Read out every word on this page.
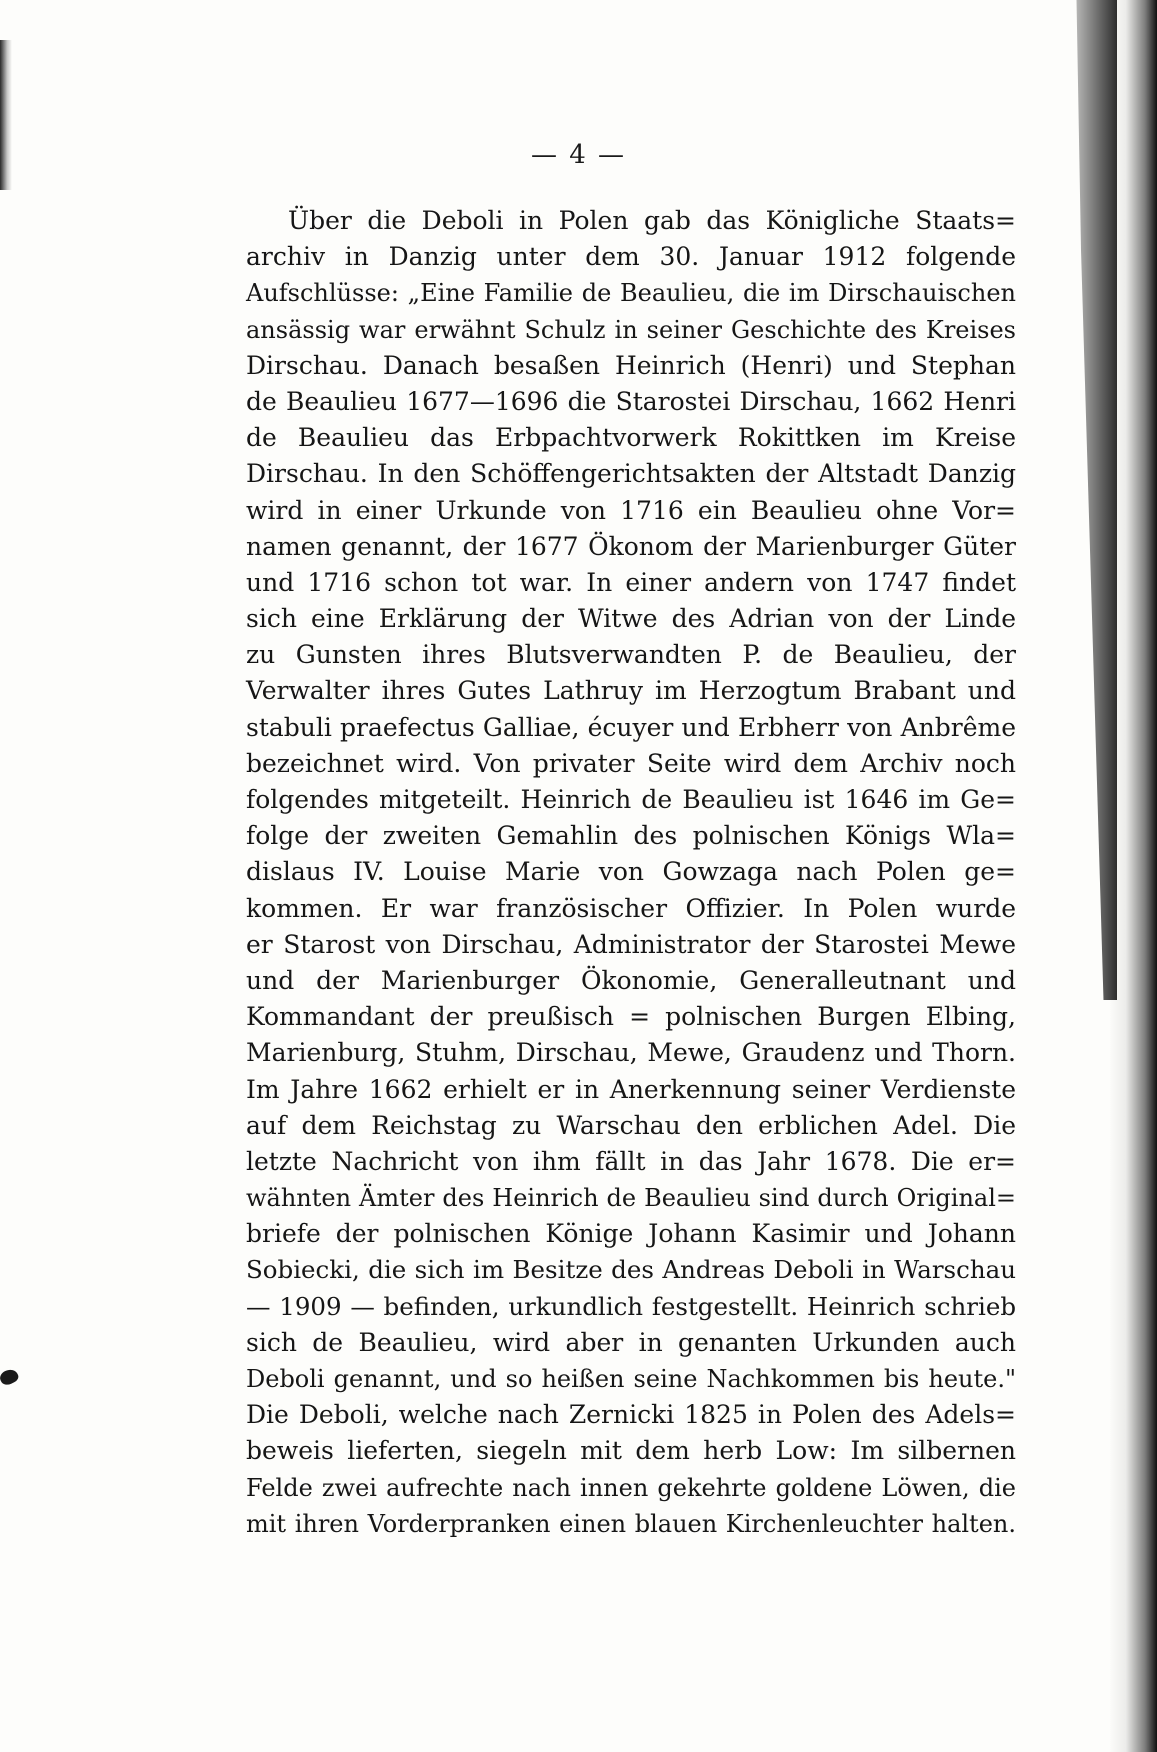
— 4 —
Über die Deboli in Polen gab das Königliche Staats=
archiv in Danzig unter dem 30. Januar 1912 folgende
Aufschlüsse: „Eine Familie de Beaulieu, die im Dirschauischen
ansässig war erwähnt Schulz in seiner Geschichte des Kreises
Dirschau. Danach besaßen Heinrich (Henri) und Stephan
de Beaulieu 1677—1696 die Starostei Dirschau, 1662 Henri
de Beaulieu das Erbpachtvorwerk Rokittken im Kreise
Dirschau. In den Schöffengerichtsakten der Altstadt Danzig
wird in einer Urkunde von 1716 ein Beaulieu ohne Vor=
namen genannt, der 1677 Ökonom der Marienburger Güter
und 1716 schon tot war. In einer andern von 1747 findet
sich eine Erklärung der Witwe des Adrian von der Linde
zu Gunsten ihres Blutsverwandten P. de Beaulieu, der
Verwalter ihres Gutes Lathruy im Herzogtum Brabant und
stabuli praefectus Galliae, écuyer und Erbherr von Anbrême
bezeichnet wird. Von privater Seite wird dem Archiv noch
folgendes mitgeteilt. Heinrich de Beaulieu ist 1646 im Ge=
folge der zweiten Gemahlin des polnischen Königs Wla=
dislaus IV. Louise Marie von Gowzaga nach Polen ge=
kommen. Er war französischer Offizier. In Polen wurde
er Starost von Dirschau, Administrator der Starostei Mewe
und der Marienburger Ökonomie, Generalleutnant und
Kommandant der preußisch = polnischen Burgen Elbing,
Marienburg, Stuhm, Dirschau, Mewe, Graudenz und Thorn.
Im Jahre 1662 erhielt er in Anerkennung seiner Verdienste
auf dem Reichstag zu Warschau den erblichen Adel. Die
letzte Nachricht von ihm fällt in das Jahr 1678. Die er=
wähnten Ämter des Heinrich de Beaulieu sind durch Original=
briefe der polnischen Könige Johann Kasimir und Johann
Sobiecki, die sich im Besitze des Andreas Deboli in Warschau
— 1909 — befinden, urkundlich festgestellt. Heinrich schrieb
sich de Beaulieu, wird aber in genanten Urkunden auch
Deboli genannt, und so heißen seine Nachkommen bis heute."
Die Deboli, welche nach Zernicki 1825 in Polen des Adels=
beweis lieferten, siegeln mit dem herb Low: Im silbernen
Felde zwei aufrechte nach innen gekehrte goldene Löwen, die
mit ihren Vorderpranken einen blauen Kirchenleuchter halten.
